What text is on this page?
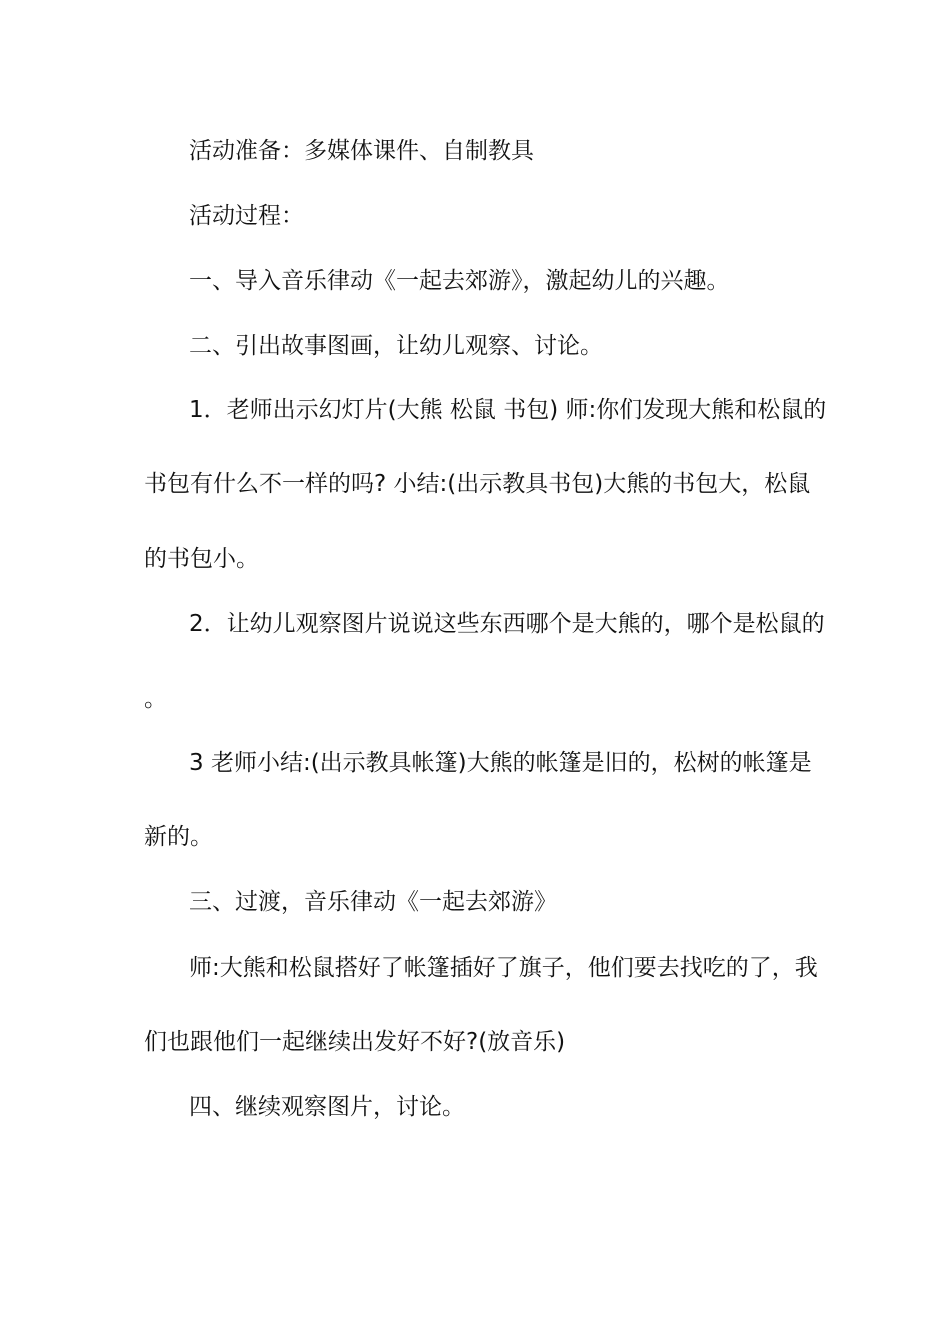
活动准备：多媒体课件、自制教具
活动过程：
一、导入音乐律动《一起去郊游》，激起幼儿的兴趣。
二、引出故事图画，让幼儿观察、讨论。
1．老师出示幻灯片(大熊 松鼠 书包) 师:你们发现大熊和松鼠的
书包有什么不一样的吗? 小结:(出示教具书包)大熊的书包大，松鼠
的书包小。
2．让幼儿观察图片说说这些东西哪个是大熊的，哪个是松鼠的
。
3 老师小结:(出示教具帐篷)大熊的帐篷是旧的，松树的帐篷是
新的。
三、过渡，音乐律动《一起去郊游》
师:大熊和松鼠搭好了帐篷插好了旗子，他们要去找吃的了，我
们也跟他们一起继续出发好不好?(放音乐)
四、继续观察图片，讨论。
